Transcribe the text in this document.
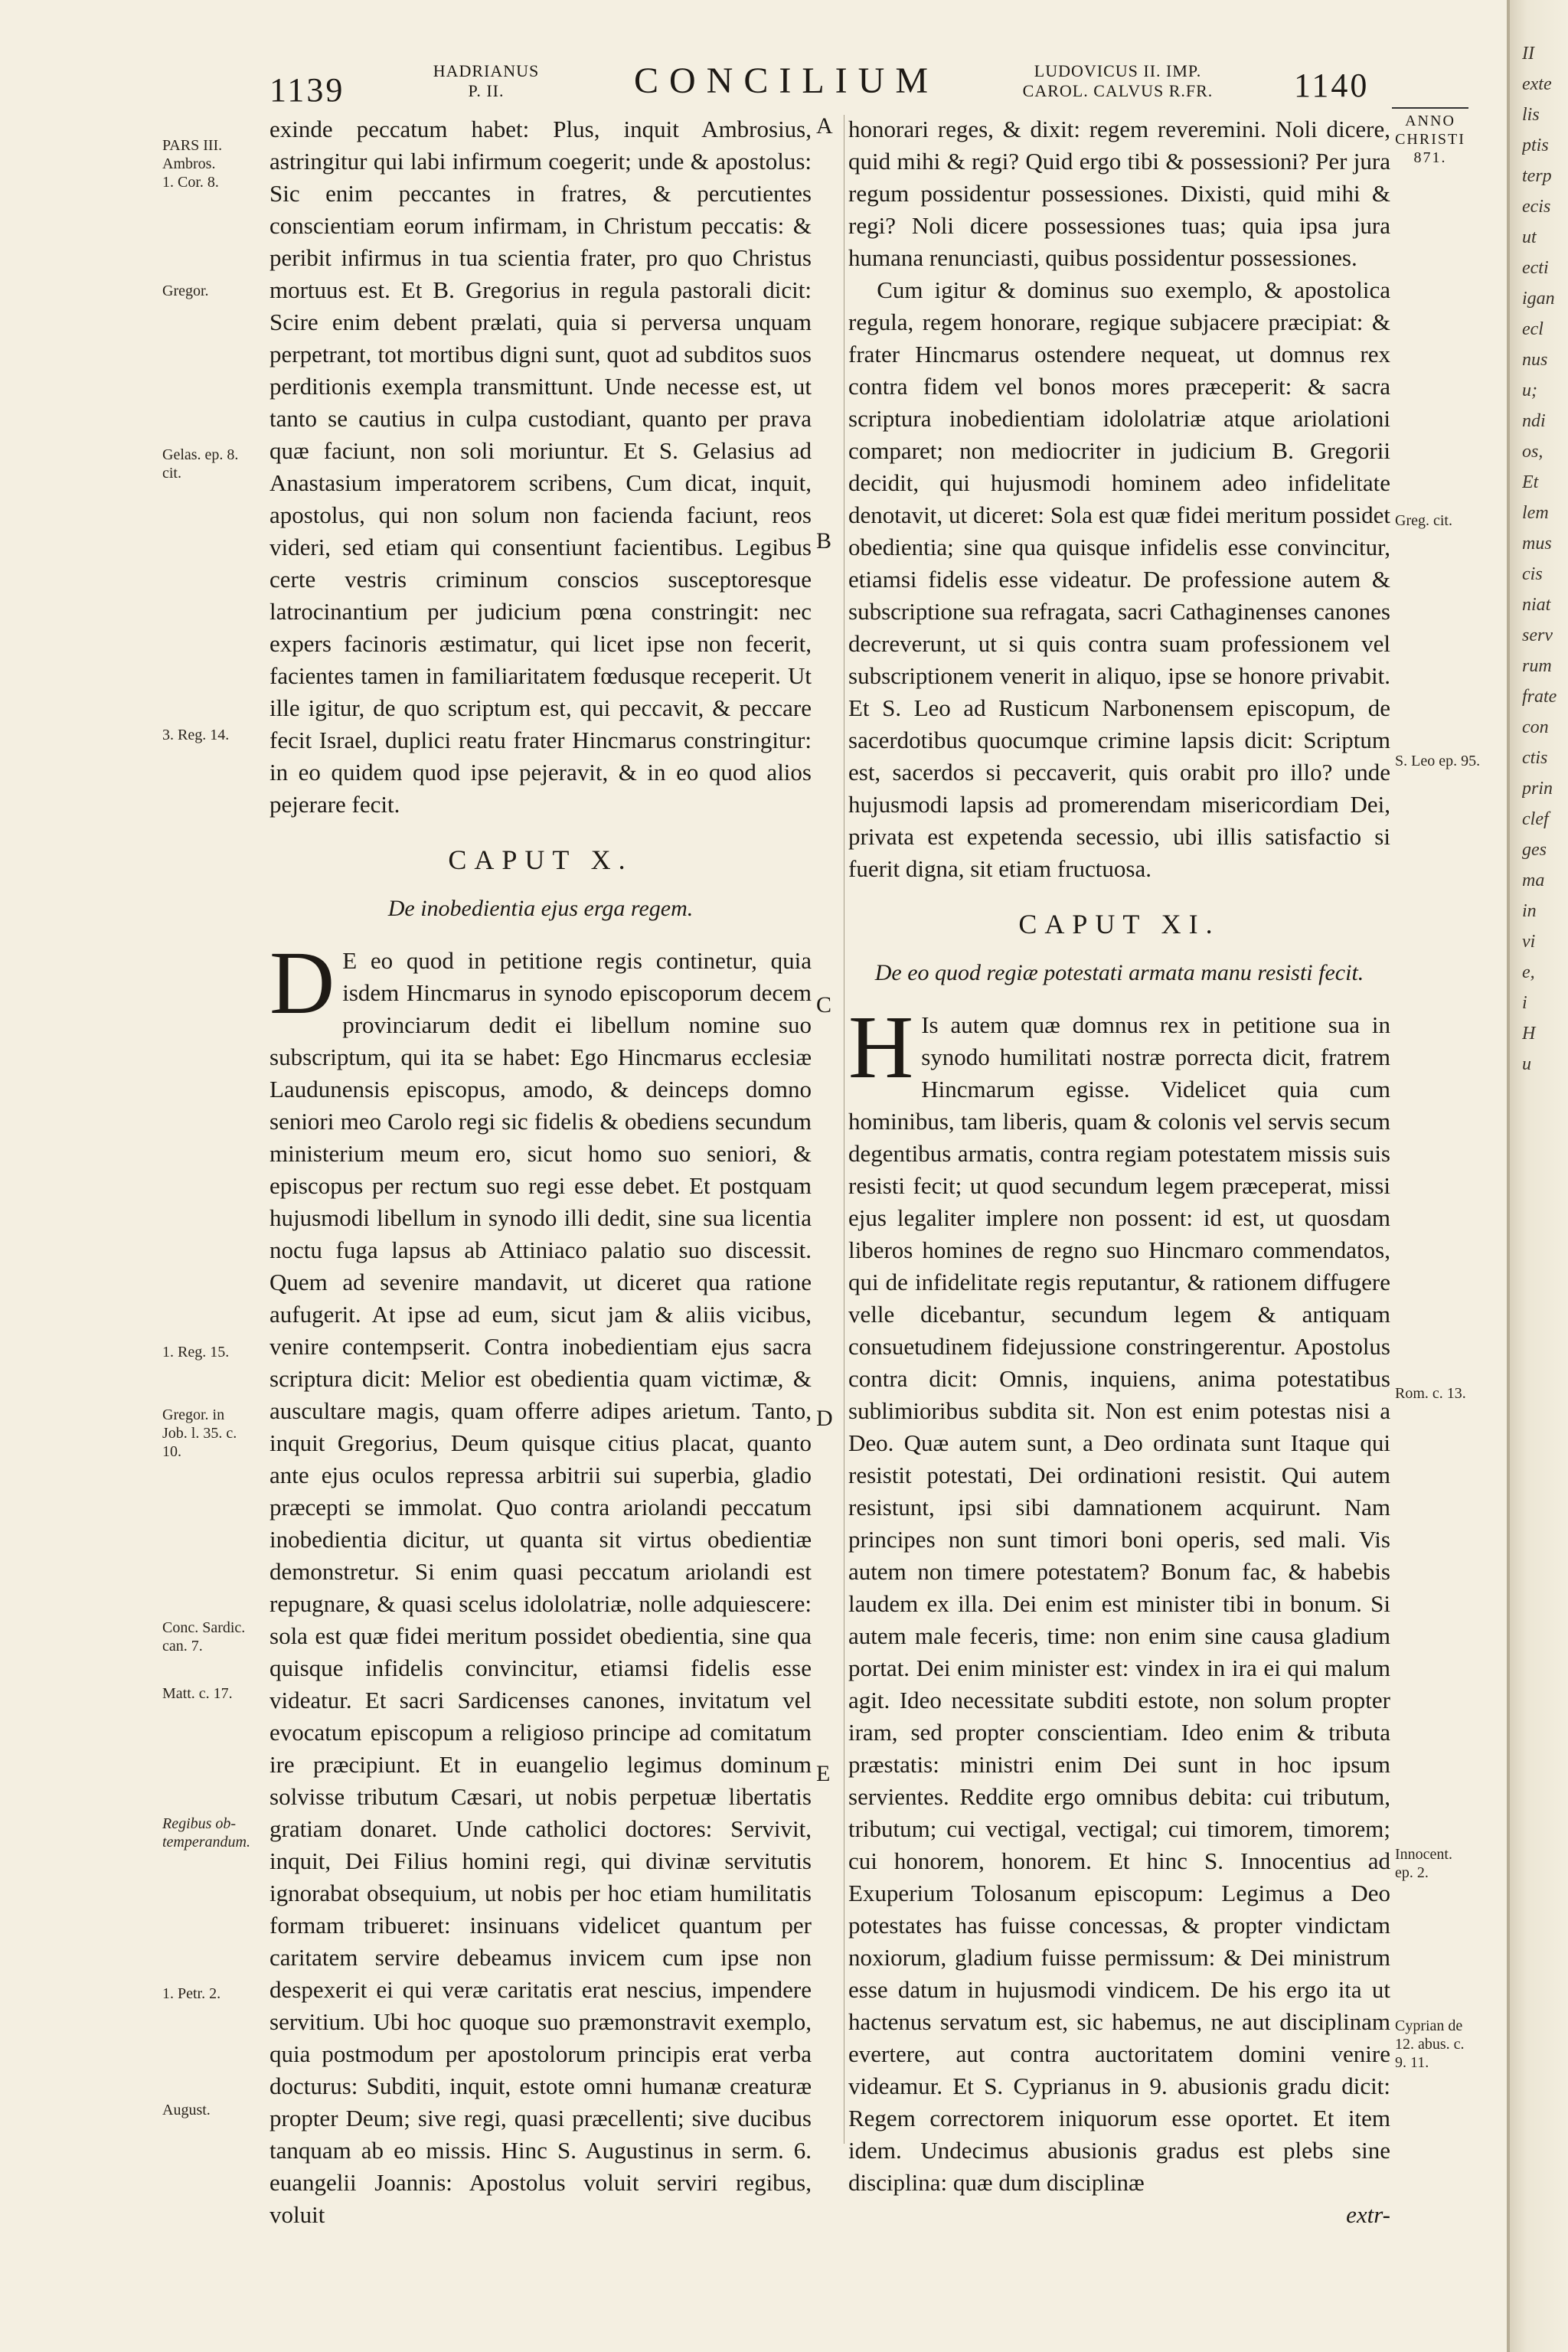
1139
HADRIANUS
P. II.	CONCILIUM	LUDOVICUS II. IMP.
CAROL. CALVUS R.FR.	1140
ANNO
CHRISTI
871.
A
B
C
D
E
PARS III.
Ambros.
1. Cor. 8.
Gregor.
Gelas. ep. 8.
cit.
3. Reg. 14.
1. Reg. 15.
Gregor. in
Job. l. 35. c.
10.
Conc. Sardic.
can. 7.
Matt. c. 17.
Regibus ob-
temperandum.
1. Petr. 2.
August.
Greg. cit.
S. Leo ep. 95.
Rom. c. 13.
Innocent.
ep. 2.
Cyprian de
12. abus. c.
9. 11.

exinde peccatum habet: Plus, inquit Ambrosius, astringitur qui labi infirmum coegerit; unde & apostolus: Sic enim peccantes in fratres, & percutientes conscientiam eorum infirmam, in Christum peccatis: & peribit infirmus in tua scientia frater, pro quo Christus mortuus est. Et B. Gregorius in regula pastorali dicit: Scire enim debent prælati, quia si perversa unquam perpetrant, tot mortibus digni sunt, quot ad subditos suos perditionis exempla transmittunt. Unde necesse est, ut tanto se cautius in culpa custodiant, quanto per prava quæ faciunt, non soli moriuntur. Et S. Gelasius ad Anastasium imperatorem scribens, Cum dicat, inquit, apostolus, qui non solum non facienda faciunt, reos videri, sed etiam qui consentiunt facientibus. Legibus certe vestris criminum conscios susceptoresque latrocinantium per judicium pœna constringit: nec expers facinoris æstimatur, qui licet ipse non fecerit, facientes tamen in familiaritatem fœdusque receperit. Ut ille igitur, de quo scriptum est, qui peccavit, & peccare fecit Israel, duplici reatu frater Hincmarus constringitur: in eo quidem quod ipse pejeravit, & in eo quod alios pejerare fecit.

CAPUT X.
De inobedientia ejus erga regem.

D E eo quod in petitione regis continetur, quia isdem Hincmarus in synodo episcoporum decem provinciarum dedit ei libellum nomine suo subscriptum, qui ita se habet: Ego Hincmarus ecclesiæ Laudunensis episcopus, amodo, & deinceps domno seniori meo Carolo regi sic fidelis & obediens secundum ministerium meum ero, sicut homo suo seniori, & episcopus per rectum suo regi esse debet. Et postquam hujusmodi libellum in synodo illi dedit, sine sua licentia noctu fuga lapsus ab Attiniaco palatio suo discessit. Quem ad sevenire mandavit, ut diceret qua ratione aufugerit. At ipse ad eum, sicut jam & aliis vicibus, venire contempserit. Contra inobedientiam ejus sacra scriptura dicit: Melior est obedientia quam victimæ, & auscultare magis, quam offerre adipes arietum. Tanto, inquit Gregorius, Deum quisque citius placat, quanto ante ejus oculos repressa arbitrii sui superbia, gladio præcepti se immolat. Quo contra ariolandi peccatum inobedientia dicitur, ut quanta sit virtus obedientiæ demonstretur. Si enim quasi peccatum ariolandi est repugnare, & quasi scelus idololatriæ, nolle adquiescere: sola est quæ fidei meritum possidet obedientia, sine qua quisque infidelis convincitur, etiamsi fidelis esse videatur. Et sacri Sardicenses canones, invitatum vel evocatum episcopum a religioso principe ad comitatum ire præcipiunt. Et in euangelio legimus dominum solvisse tributum Cæsari, ut nobis perpetuæ libertatis gratiam donaret. Unde catholici doctores: Servivit, inquit, Dei Filius homini regi, qui divinæ servitutis ignorabat obsequium, ut nobis per hoc etiam humilitatis formam tribueret: insinuans videlicet quantum per caritatem servire debeamus invicem cum ipse non despexerit ei qui veræ caritatis erat nescius, impendere servitium. Ubi hoc quoque suo præmonstravit exemplo, quia postmodum per apostolorum principis erat verba docturus: Subditi, inquit, estote omni humanæ creaturæ propter Deum; sive regi, quasi præcellenti; sive ducibus tanquam ab eo missis. Hinc S. Augustinus in serm. 6. euangelii Joannis: Apostolus voluit serviri regibus, voluit

honorari reges, & dixit: regem reveremini. Noli dicere, quid mihi & regi? Quid ergo tibi & possessioni? Per jura regum possidentur possessiones. Dixisti, quid mihi & regi? Noli dicere possessiones tuas; quia ipsa jura humana renunciasti, quibus possidentur possessiones.

Cum igitur & dominus suo exemplo, & apostolica regula, regem honorare, regique subjacere præcipiat: & frater Hincmarus ostendere nequeat, ut domnus rex contra fidem vel bonos mores præceperit: & sacra scriptura inobedientiam idololatriæ atque ariolationi comparet; non mediocriter in judicium B. Gregorii decidit, qui hujusmodi hominem adeo infidelitate denotavit, ut diceret: Sola est quæ fidei meritum possidet obedientia; sine qua quisque infidelis esse convincitur, etiamsi fidelis esse videatur. De professione autem & subscriptione sua refragata, sacri Cathaginenses canones decreverunt, ut si quis contra suam professionem vel subscriptionem venerit in aliquo, ipse se honore privabit. Et S. Leo ad Rusticum Narbonensem episcopum, de sacerdotibus quocumque crimine lapsis dicit: Scriptum est, sacerdos si peccaverit, quis orabit pro illo? unde hujusmodi lapsis ad promerendam misericordiam Dei, privata est expetenda secessio, ubi illis satisfactio si fuerit digna, sit etiam fructuosa.

CAPUT XI.
De eo quod regiæ potestati armata manu resisti fecit.

H Is autem quæ domnus rex in petitione sua in synodo humilitati nostræ porrecta dicit, fratrem Hincmarum egisse. Videlicet quia cum hominibus, tam liberis, quam & colonis vel servis secum degentibus armatis, contra regiam potestatem missis suis resisti fecit; ut quod secundum legem præceperat, missi ejus legaliter implere non possent: id est, ut quosdam liberos homines de regno suo Hincmaro commendatos, qui de infidelitate regis reputantur, & rationem diffugere velle dicebantur, secundum legem & antiquam consuetudinem fidejussione constringerentur. Apostolus contra dicit: Omnis, inquiens, anima potestatibus sublimioribus subdita sit. Non est enim potestas nisi a Deo. Quæ autem sunt, a Deo ordinata sunt Itaque qui resistit potestati, Dei ordinationi resistit. Qui autem resistunt, ipsi sibi damnationem acquirunt. Nam principes non sunt timori boni operis, sed mali. Vis autem non timere potestatem? Bonum fac, & habebis laudem ex illa. Dei enim est minister tibi in bonum. Si autem male feceris, time: non enim sine causa gladium portat. Dei enim minister est: vindex in ira ei qui malum agit. Ideo necessitate subditi estote, non solum propter iram, sed propter conscientiam. Ideo enim & tributa præstatis: ministri enim Dei sunt in hoc ipsum servientes. Reddite ergo omnibus debita: cui tributum, tributum; cui vectigal, vectigal; cui timorem, timorem; cui honorem, honorem. Et hinc S. Innocentius ad Exuperium Tolosanum episcopum: Legimus a Deo potestates has fuisse concessas, & propter vindictam noxiorum, gladium fuisse permissum: & Dei ministrum esse datum in hujusmodi vindicem. De his ergo ita ut hactenus servatum est, sic habemus, ne aut disciplinam evertere, aut contra auctoritatem domini venire videamur. Et S. Cyprianus in 9. abusionis gradu dicit: Regem correctorem iniquorum esse oportet. Et item idem. Undecimus abusionis gradus est plebs sine disciplina: quæ dum disciplinæ

extr-
II
exte
lis
ptis
terp
ecis
ut
ecti
igan
ecl
nus
u;
ndi
os,
Et
lem
mus
cis
niat
serv
rum
frate
con
ctis
prin
clef
ges
ma
in
vi
e,
i
H
u
